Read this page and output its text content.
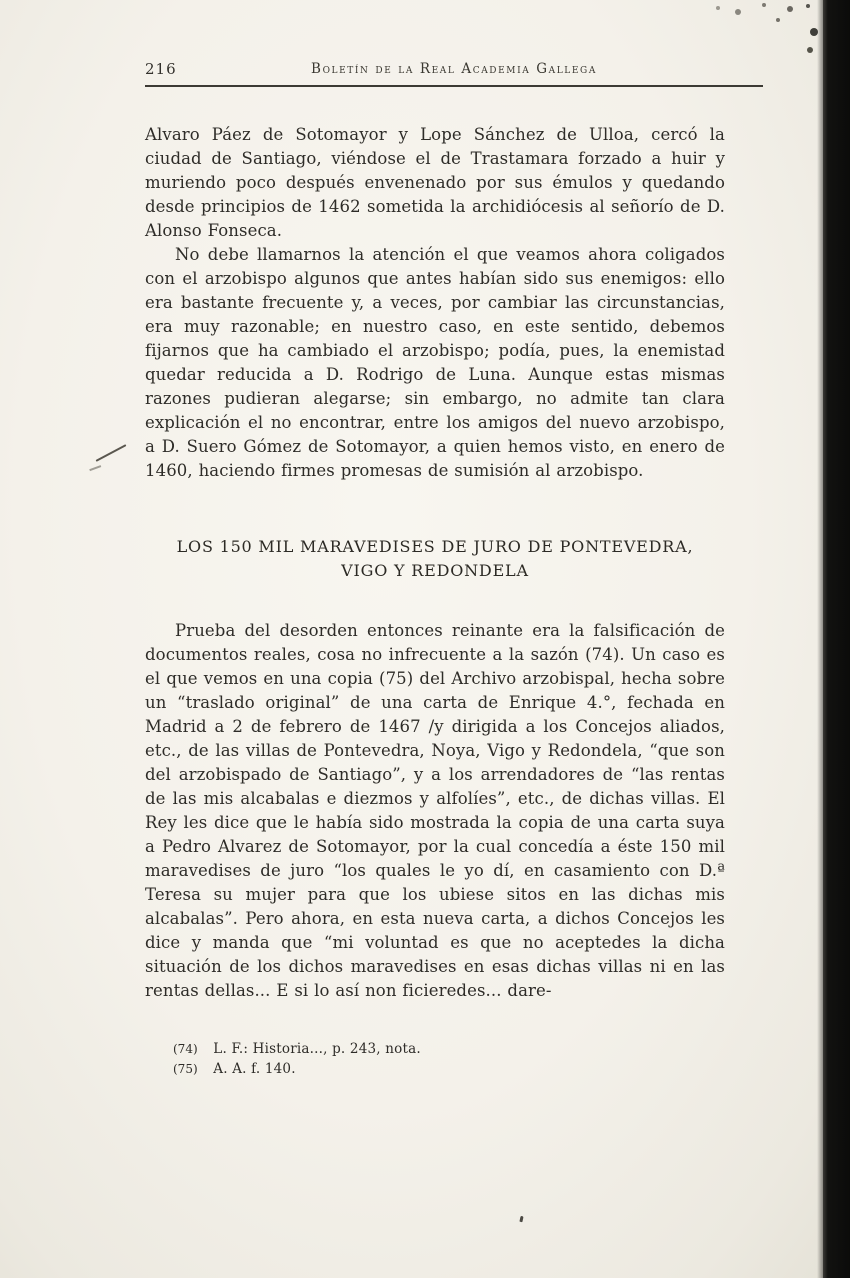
216	Boletín de la Real Academia Gallega

Alvaro Páez de Sotomayor y Lope Sánchez de Ulloa, cercó la ciudad de Santiago, viéndose el de Trastamara forzado a huir y muriendo poco después envenenado por sus émulos y quedando desde principios de 1462 sometida la archidiócesis al señorío de D. Alonso Fonseca.

No debe llamarnos la atención el que veamos ahora coligados con el arzobispo algunos que antes habían sido sus enemigos: ello era bastante frecuente y, a veces, por cambiar las circunstancias, era muy razonable; en nuestro caso, en este sentido, debemos fijarnos que ha cambiado el arzobispo; podía, pues, la enemistad quedar reducida a D. Rodrigo de Luna. Aunque estas mismas razones pudieran alegarse; sin embargo, no admite tan clara explicación el no encontrar, entre los amigos del nuevo arzobispo, a D. Suero Gómez de Sotomayor, a quien hemos visto, en enero de 1460, haciendo firmes promesas de sumisión al arzobispo.

LOS 150 MIL MARAVEDISES DE JURO DE PONTEVEDRA,
VIGO Y REDONDELA

Prueba del desorden entonces reinante era la falsificación de documentos reales, cosa no infrecuente a la sazón (74). Un caso es el que vemos en una copia (75) del Archivo arzobispal, hecha sobre un “traslado original” de una carta de Enrique 4.°, fechada en Madrid a 2 de febrero de 1467 /y dirigida a los Concejos aliados, etc., de las villas de Pontevedra, Noya, Vigo y Redondela, “que son del arzobispado de Santiago”, y a los arrendadores de “las rentas de las mis alcabalas e diezmos y alfolíes”, etc., de dichas villas. El Rey les dice que le había sido mostrada la copia de una carta suya a Pedro Alvarez de Sotomayor, por la cual concedía a éste 150 mil maravedises de juro “los quales le yo dí, en casamiento con D.ª Teresa su mujer para que los ubiese sitos en las dichas mis alcabalas”. Pero ahora, en esta nueva carta, a dichos Concejos les dice y manda que “mi voluntad es que no aceptedes la dicha situación de los dichos maravedises en esas dichas villas ni en las rentas dellas... E si lo así non ficieredes... dare-

(74) L. F.: Historia..., p. 243, nota.
(75) A. A. f. 140.
